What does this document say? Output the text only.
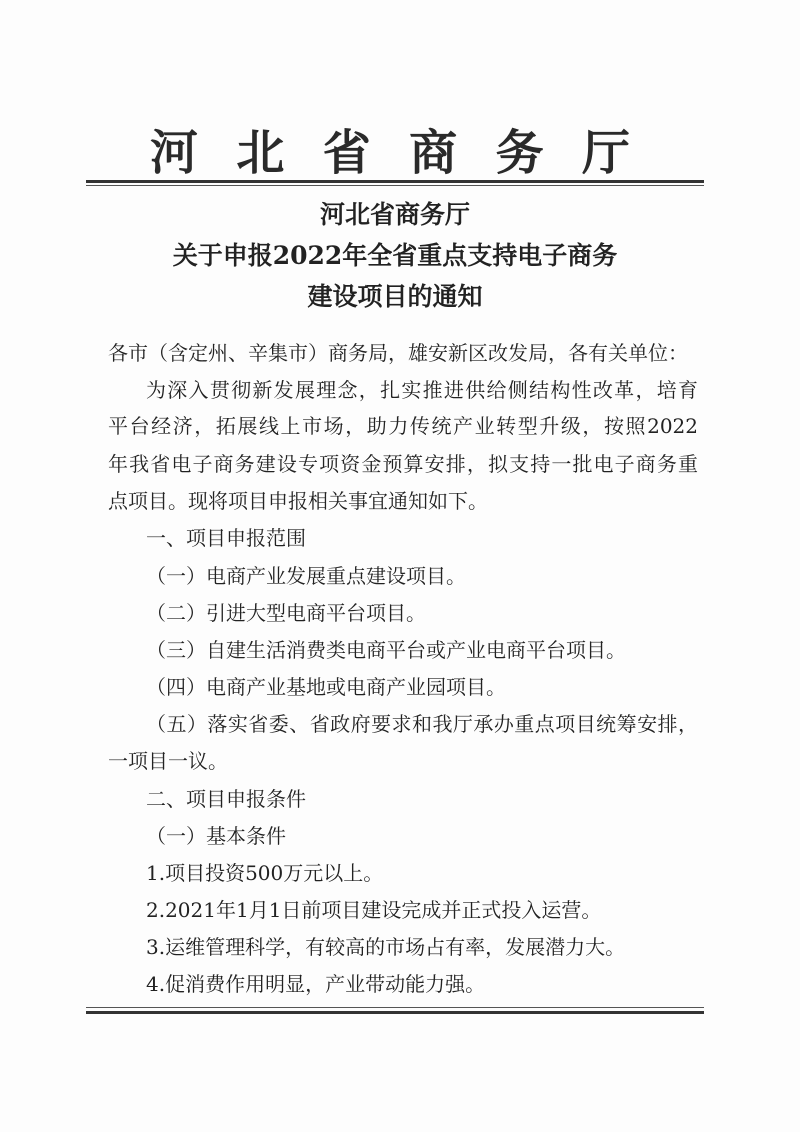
河 北 省 商 务 厅
河北省商务厅
关于申报2022年全省重点支持电子商务
建设项目的通知
各市（含定州、辛集市）商务局，雄安新区改发局，各有关单位：
为深入贯彻新发展理念，扎实推进供给侧结构性改革，培育
平台经济，拓展线上市场，助力传统产业转型升级，按照2022
年我省电子商务建设专项资金预算安排，拟支持一批电子商务重
点项目。现将项目申报相关事宜通知如下。
一、项目申报范围
（一）电商产业发展重点建设项目。
（二）引进大型电商平台项目。
（三）自建生活消费类电商平台或产业电商平台项目。
（四）电商产业基地或电商产业园项目。
（五）落实省委、省政府要求和我厅承办重点项目统筹安排，
一项目一议。
二、项目申报条件
（一）基本条件
1.项目投资500万元以上。
2.2021年1月1日前项目建设完成并正式投入运营。
3.运维管理科学，有较高的市场占有率，发展潜力大。
4.促消费作用明显，产业带动能力强。
